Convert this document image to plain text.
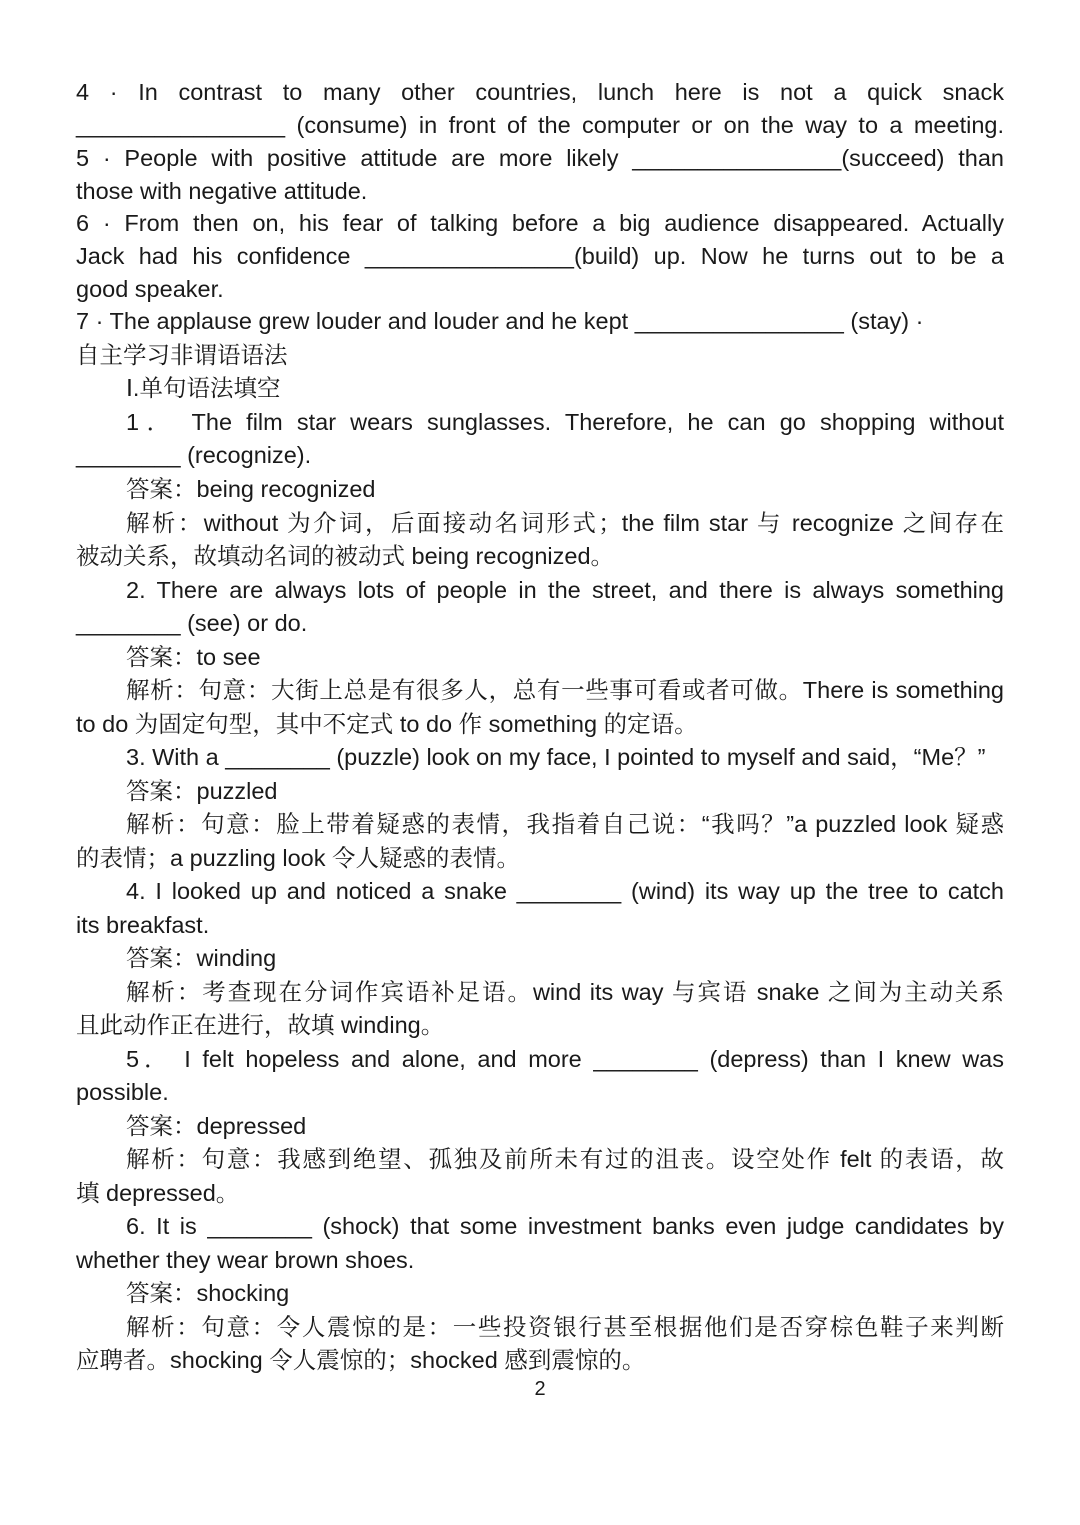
4 · In contrast to many other countries, lunch here is not a quick snack
________________ (consume) in front of the computer or on the way to a meeting.
5 · People with positive attitude are more likely ________________(succeed) than
those with negative attitude.
6 · From then on, his fear of talking before a big audience disappeared. Actually
Jack had his confidence ________________(build) up. Now he turns out to be a
good speaker.
7 · The applause grew louder and louder and he kept ________________ (stay) ·
自主学习非谓语语法
Ⅰ.单句语法填空
1． The film star wears sunglasses. Therefore, he can go shopping without
________ (recognize).
答案：being recognized
解析：without 为介词，后面接动名词形式；the film star 与 recognize 之间存在
被动关系，故填动名词的被动式 being recognized。
2. There are always lots of people in the street, and there is always something
________ (see) or do.
答案：to see
解析：句意：大街上总是有很多人，总有一些事可看或者可做。There is something
to do 为固定句型，其中不定式 to do 作 something 的定语。
3. With a ________ (puzzle) look on my face, I pointed to myself and said，“Me？”
答案：puzzled
解析：句意：脸上带着疑惑的表情，我指着自己说：“我吗？”a puzzled look 疑惑
的表情；a puzzling look 令人疑惑的表情。
4. I looked up and noticed a snake ________ (wind) its way up the tree to catch
its breakfast.
答案：winding
解析：考查现在分词作宾语补足语。wind its way 与宾语 snake 之间为主动关系
且此动作正在进行，故填 winding。
5． I felt hopeless and alone, and more ________ (depress) than I knew was
possible.
答案：depressed
解析：句意：我感到绝望、孤独及前所未有过的沮丧。设空处作 felt 的表语，故
填 depressed。
6. It is ________ (shock) that some investment banks even judge candidates by
whether they wear brown shoes.
答案：shocking
解析：句意：令人震惊的是：一些投资银行甚至根据他们是否穿棕色鞋子来判断
应聘者。shocking 令人震惊的；shocked 感到震惊的。
2
